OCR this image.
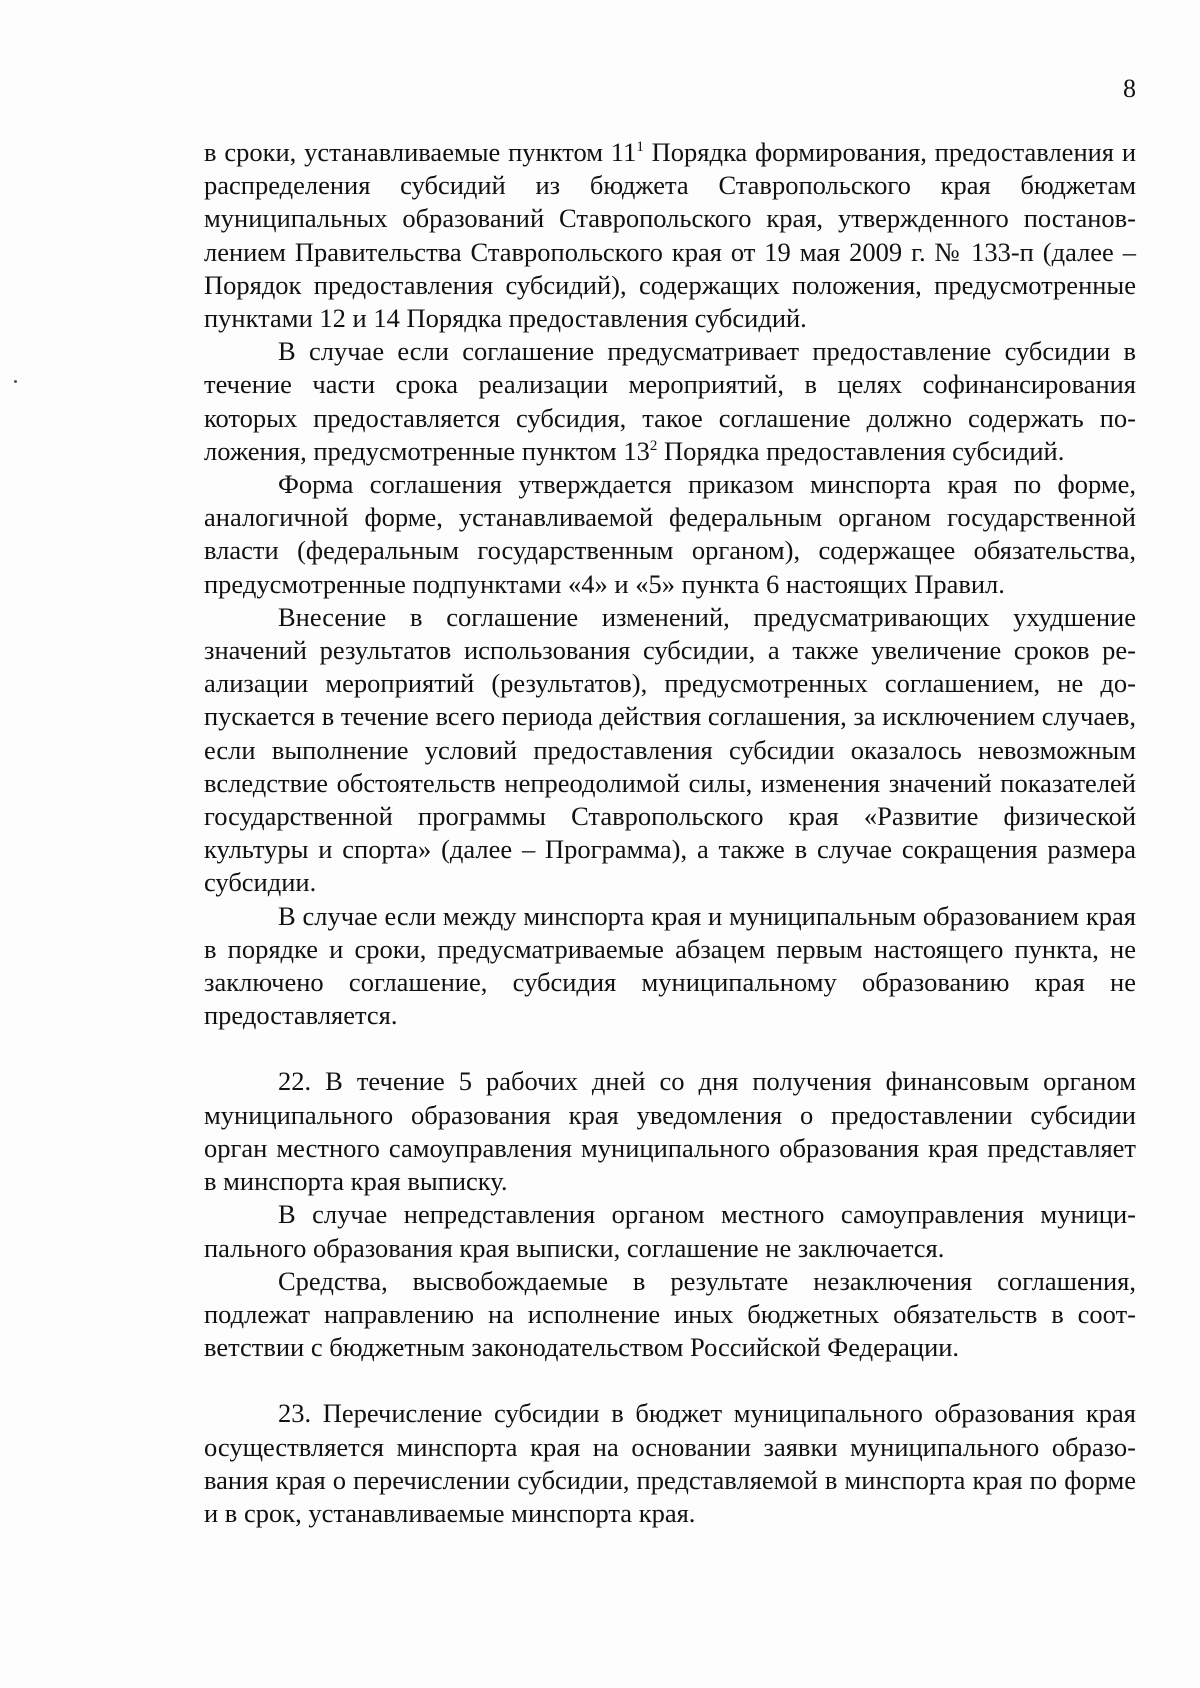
8

в сроки, устанавливаемые пунктом $11^1$ Порядка формирования, предоставления и распределения субсидий из бюджета Ставропольского края бюджетам муниципальных образований Ставропольского края, утвержденного постановлением Правительства Ставропольского края от 19 мая 2009 г. № 133-п (далее – Порядок предоставления субсидий), содержащих положения, предусмотренные пунктами 12 и 14 Порядка предоставления субсидий.

В случае если соглашение предусматривает предоставление субсидии в течение части срока реализации мероприятий, в целях софинансирования которых предоставляется субсидия, такое соглашение должно содержать положения, предусмотренные пунктом $13^2$ Порядка предоставления субсидий.

Форма соглашения утверждается приказом минспорта края по форме, аналогичной форме, устанавливаемой федеральным органом государственной власти (федеральным государственным органом), содержащее обязательства, предусмотренные подпунктами «4» и «5» пункта 6 настоящих Правил.

Внесение в соглашение изменений, предусматривающих ухудшение значений результатов использования субсидии, а также увеличение сроков реализации мероприятий (результатов), предусмотренных соглашением, не допускается в течение всего периода действия соглашения, за исключением случаев, если выполнение условий предоставления субсидии оказалось невозможным вследствие обстоятельств непреодолимой силы, изменения значений показателей государственной программы Ставропольского края «Развитие физической культуры и спорта» (далее – Программа), а также в случае сокращения размера субсидии.

В случае если между минспорта края и муниципальным образованием края в порядке и сроки, предусматриваемые абзацем первым настоящего пункта, не заключено соглашение, субсидия муниципальному образованию края не предоставляется.

22. В течение 5 рабочих дней со дня получения финансовым органом муниципального образования края уведомления о предоставлении субсидии орган местного самоуправления муниципального образования края представляет в минспорта края выписку.

В случае непредставления органом местного самоуправления муниципального образования края выписки, соглашение не заключается.

Средства, высвобождаемые в результате незаключения соглашения, подлежат направлению на исполнение иных бюджетных обязательств в соответствии с бюджетным законодательством Российской Федерации.

23. Перечисление субсидии в бюджет муниципального образования края осуществляется минспорта края на основании заявки муниципального образования края о перечислении субсидии, представляемой в минспорта края по форме и в срок, устанавливаемые минспорта края.
